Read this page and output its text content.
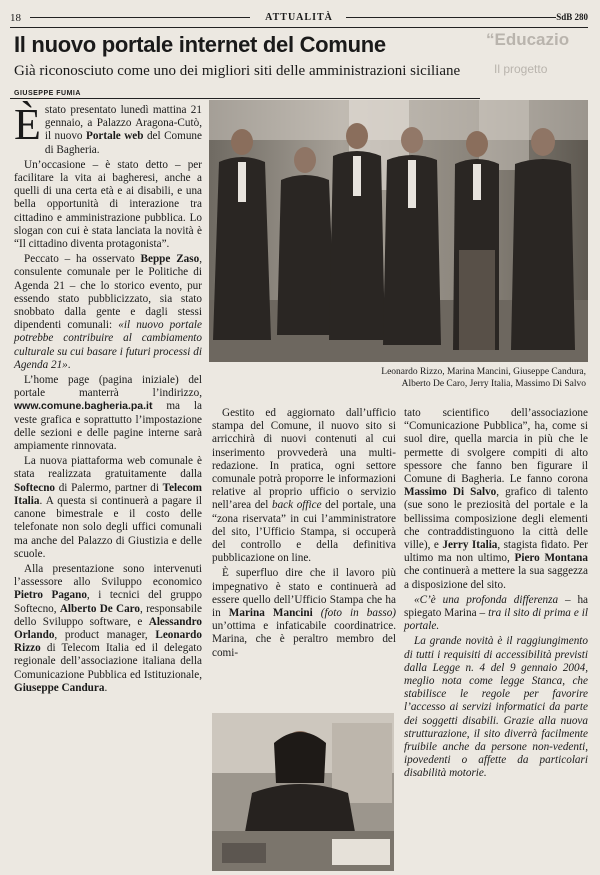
18	ATTUALITÀ	SdB 280
“Educazio
Il progetto
Il nuovo portale internet del Comune
Già riconosciuto come uno dei migliori siti delle amministrazioni siciliane
GIUSEPPE FUMIA
Leonardo Rizzo, Marina Mancini, Giuseppe Candura,
Alberto De Caro, Jerry Italia, Massimo Di Salvo

Èstato presentato lunedì mattina 21 gennaio, a Palazzo Aragona-Cutò, il nuovo Portale web del Comune di Bagheria.

Un’occasione – è stato detto – per facilitare la vita ai bagheresi, anche a quelli di una certa età e ai disabili, e una bella opportunità di interazione tra cittadino e amministrazione pubblica. Lo slogan con cui è stata lanciata la novità è “Il cittadino diventa protagonista”.

Peccato – ha osservato Beppe Zaso, consulente comunale per le Politiche di Agenda 21 – che lo storico evento, pur essendo stato pubblicizzato, sia stato snobbato dalla gente e dagli stessi dipendenti comunali: «il nuovo portale potrebbe contribuire al cambiamento culturale su cui basare i futuri processi di Agenda 21».

L’home page (pagina iniziale) del portale manterrà l’indirizzo, www.comune.bagheria.pa.it ma la veste grafica e soprattutto l’impostazione delle sezioni e delle pagine interne sarà ampiamente rinnovata.

La nuova piattaforma web comunale è stata realizzata gratuitamente dalla Softecno di Palermo, partner di Telecom Italia. A questa si continuerà a pagare il canone bimestrale e il costo delle telefonate non solo degli uffici comunali ma anche del Palazzo di Giustizia e delle scuole.

Alla presentazione sono intervenuti l’assessore allo Sviluppo economico Pietro Pagano, i tecnici del gruppo Softecno, Alberto De Caro, responsabile dello Sviluppo software, e Alessandro Orlando, product manager, Leonardo Rizzo di Telecom Italia ed il delegato regionale dell’associazione italiana della Comunicazione Pubblica ed Istituzionale, Giuseppe Candura.

Gestito ed aggiornato dall’ufficio stampa del Comune, il nuovo sito si arricchirà di nuovi contenuti al cui inserimento provvederà una multi-redazione. In pratica, ogni settore comunale potrà proporre le informazioni relative al proprio ufficio o servizio nell’area del back office del portale, una “zona riservata” in cui l’amministratore del sito, l’Ufficio Stampa, si occuperà del controllo e della definitiva pubblicazione on line.

È superfluo dire che il lavoro più impegnativo è stato e continuerà ad essere quello dell’Ufficio Stampa che ha in Marina Mancini (foto in basso) un’ottima e infaticabile coordinatrice. Marina, che è peraltro membro del comi-

tato scientifico dell’associazione “Comunicazione Pubblica”, ha, come si suol dire, quella marcia in più che le permette di svolgere compiti di alto spessore che fanno ben figurare il Comune di Bagheria. Le fanno corona Massimo Di Salvo, grafico di talento (sue sono le preziosità del portale e la bellissima composizione degli elementi che contraddistinguono la città delle ville), e Jerry Italia, stagista fidato. Per ultimo ma non ultimo, Piero Montana che continuerà a mettere la sua saggezza a disposizione del sito.

«C’è una profonda differenza – ha spiegato Marina – tra il sito di prima e il portale.

La grande novità è il raggiungimento di tutti i requisiti di accessibilità previsti dalla Legge n. 4 del 9 gennaio 2004, meglio nota come legge Stanca, che stabilisce le regole per favorire l’accesso ai servizi informatici da parte dei soggetti disabili. Grazie alla nuova strutturazione, il sito diverrà facilmente fruibile anche da persone non-vedenti, ipovedenti o affette da particolari disabilità motorie.
